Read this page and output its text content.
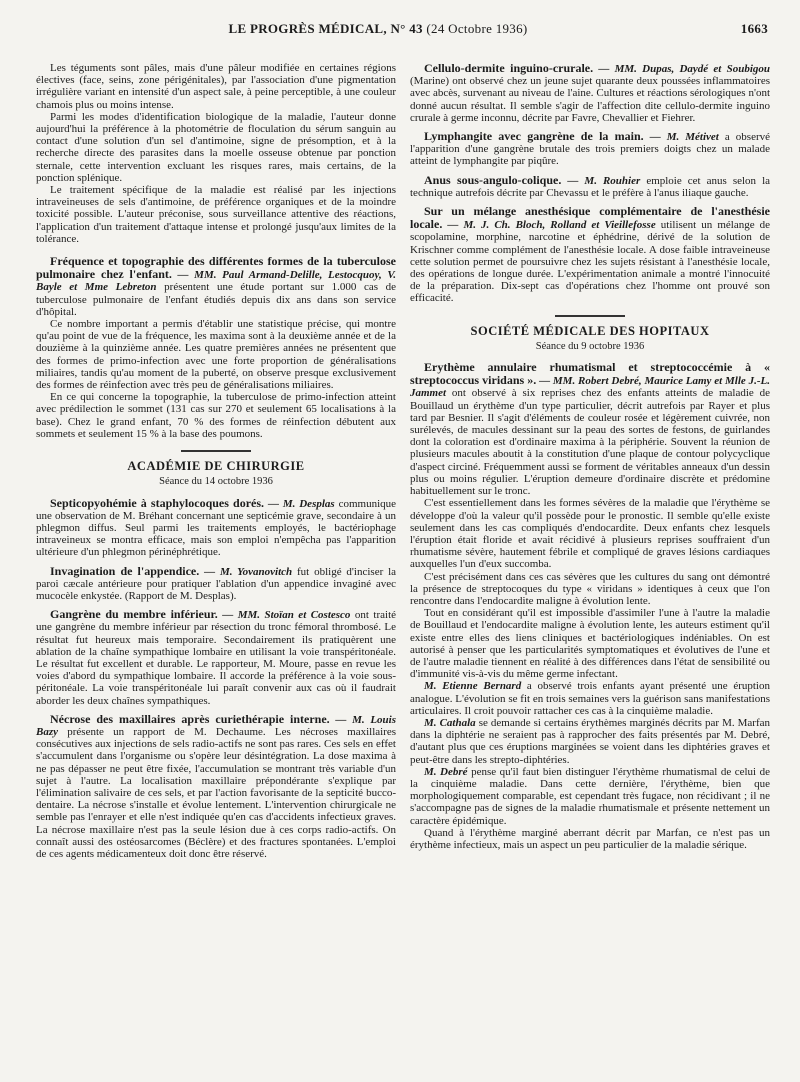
LE PROGRÈS MÉDICAL, N° 43 (24 Octobre 1936)	1663

Les téguments sont pâles, mais d'une pâleur modifiée en certaines régions électives (face, seins, zone périgénitales), par l'association d'une pigmentation irrégulière variant en intensité d'un aspect sale, à peine perceptible, à une couleur chamois plus ou moins intense.

Parmi les modes d'identification biologique de la maladie, l'auteur donne aujourd'hui la préférence à la photométrie de floculation du sérum sanguin au contact d'une solution d'un sel d'antimoine, signe de présomption, et à la recherche directe des parasites dans la moelle osseuse obtenue par ponction sternale, cette intervention excluant les risques rares, mais certains, de la ponction splénique.

Le traitement spécifique de la maladie est réalisé par les injections intraveineuses de sels d'antimoine, de préférence organiques et de la moindre toxicité possible. L'auteur préconise, sous surveillance attentive des réactions, l'application d'un traitement d'attaque intense et prolongé jusqu'aux limites de la tolérance.

Fréquence et topographie des différentes formes de la tuberculose pulmonaire chez l'enfant. — MM. Paul Armand-Delille, Lestocquoy, V. Bayle et Mme Lebreton présentent une étude portant sur 1.000 cas de tuberculose pulmonaire de l'enfant étudiés depuis dix ans dans son service d'hôpital.

Ce nombre important a permis d'établir une statistique précise, qui montre qu'au point de vue de la fréquence, les maxima sont à la deuxième année et de la douzième à la quinzième année. Les quatre premières années ne présentent que des formes de primo-infection avec une forte proportion de généralisations miliaires, tandis qu'au moment de la puberté, on observe presque exclusivement des formes de réinfection avec très peu de généralisations miliaires.

En ce qui concerne la topographie, la tuberculose de primo-infection atteint avec prédilection le sommet (131 cas sur 270 et seulement 65 localisations à la base). Chez le grand enfant, 70 % des formes de réinfection débutent aux sommets et seulement 15 % à la base des poumons.

ACADÉMIE DE CHIRURGIE

Séance du 14 octobre 1936

Septicopyohémie à staphylocoques dorés. — M. Desplas communique une observation de M. Bréhant concernant une septicémie grave, secondaire à un phlegmon diffus. Seul parmi les traitements employés, le bactériophage intraveineux se montra efficace, mais son emploi n'empêcha pas l'apparition ultérieure d'un phlegmon périnéphrétique.

Invagination de l'appendice. — M. Yovanovitch fut obligé d'inciser la paroi cæcale antérieure pour pratiquer l'ablation d'un appendice invaginé avec mucocèle enkystée. (Rapport de M. Desplas).

Gangrène du membre inférieur. — MM. Stoïan et Costesco ont traité une gangrène du membre inférieur par résection du tronc fémoral thrombosé. Le résultat fut heureux mais temporaire. Secondairement ils pratiquèrent une ablation de la chaîne sympathique lombaire en utilisant la voie transpéritonéale. Le résultat fut excellent et durable. Le rapporteur, M. Moure, passe en revue les voies d'abord du sympathique lombaire. Il accorde la préférence à la voie sous-péritonéale. La voie transpéritonéale lui paraît convenir aux cas où il faudrait aborder les deux chaînes sympathiques.

Nécrose des maxillaires après curiethérapie interne. — M. Louis Bazy présente un rapport de M. Dechaume. Les nécroses maxillaires consécutives aux injections de sels radio-actifs ne sont pas rares. Ces sels en effet s'accumulent dans l'organisme ou s'opère leur désintégration. La dose maxima à ne pas dépasser ne peut être fixée, l'accumulation se montrant très variable d'un sujet à l'autre. La localisation maxillaire prépondérante s'explique par l'élimination salivaire de ces sels, et par l'action favorisante de la septicité bucco-dentaire. La nécrose s'installe et évolue lentement. L'intervention chirurgicale ne semble pas l'enrayer et elle n'est indiquée qu'en cas d'accidents infectieux graves. La nécrose maxillaire n'est pas la seule lésion due à ces corps radio-actifs. On connaît aussi des ostéosarcomes (Béclère) et des fractures spontanées. L'emploi de ces agents médicamenteux doit donc être réservé.

Cellulo-dermite inguino-crurale. — MM. Dupas, Daydé et Soubigou (Marine) ont observé chez un jeune sujet quarante deux poussées inflammatoires avec abcès, survenant au niveau de l'aine. Cultures et réactions sérologiques n'ont donné aucun résultat. Il semble s'agir de l'affection dite cellulo-dermite inguino crurale à germe inconnu, décrite par Favre, Chevallier et Fiehrer.

Lymphangite avec gangrène de la main. — M. Métivet a observé l'apparition d'une gangrène brutale des trois premiers doigts chez un malade atteint de lymphangite par piqûre.

Anus sous-angulo-colique. — M. Rouhier emploie cet anus selon la technique autrefois décrite par Chevassu et le préfère à l'anus iliaque gauche.

Sur un mélange anesthésique complémentaire de l'anesthésie locale. — M. J. Ch. Bloch, Rolland et Vieillefosse utilisent un mélange de scopolamine, morphine, narcotine et éphédrine, dérivé de la solution de Krischner comme complément de l'anesthésie locale. A dose faible intraveineuse cette solution permet de poursuivre chez les sujets résistant à l'anesthésie locale, des opérations de longue durée. L'expérimentation animale a montré l'innocuité de la préparation. Dix-sept cas d'opérations chez l'homme ont prouvé son efficacité.

SOCIÉTÉ MÉDICALE DES HOPITAUX

Séance du 9 octobre 1936

Erythème annulaire rhumatismal et streptococcémie à « streptococcus viridans ». — MM. Robert Debré, Maurice Lamy et Mlle J.-L. Jammet ont observé à six reprises chez des enfants atteints de maladie de Bouillaud un érythème d'un type particulier, décrit autrefois par Rayer et plus tard par Besnier. Il s'agit d'éléments de couleur rosée et légèrement cuivrée, non surélevés, de macules dessinant sur la peau des sortes de festons, de guirlandes dont la coloration est d'ordinaire maxima à la périphérie. Souvent la réunion de plusieurs macules aboutit à la constitution d'une plaque de contour polycyclique d'aspect circiné. Fréquemment aussi se forment de véritables anneaux d'un dessin plus ou moins régulier. L'éruption demeure d'ordinaire discrète et prédomine habituellement sur le tronc.

C'est essentiellement dans les formes sévères de la maladie que l'érythème se développe d'où la valeur qu'il possède pour le pronostic. Il semble qu'elle existe seulement dans les cas compliqués d'endocardite. Deux enfants chez lesquels l'éruption était floride et avait récidivé à plusieurs reprises souffraient d'un rhumatisme sévère, hautement fébrile et compliqué de graves lésions cardiaques auxquelles l'un d'eux succomba.

C'est précisément dans ces cas sévères que les cultures du sang ont démontré la présence de streptocoques du type « viridans » identiques à ceux que l'on rencontre dans l'endocardite maligne à évolution lente.

Tout en considérant qu'il est impossible d'assimiler l'une à l'autre la maladie de Bouillaud et l'endocardite maligne à évolution lente, les auteurs estiment qu'il existe entre elles des liens cliniques et bactériologiques indéniables. On est autorisé à penser que les particularités symptomatiques et évolutives de l'une et de l'autre maladie tiennent en réalité à des différences dans l'état de sensibilité ou d'immunité vis-à-vis du même germe infectant.

M. Etienne Bernard a observé trois enfants ayant présenté une éruption analogue. L'évolution se fit en trois semaines vers la guérison sans manifestations articulaires. Il croit pouvoir rattacher ces cas à la cinquième maladie.

M. Cathala se demande si certains érythèmes marginés décrits par M. Marfan dans la diphtérie ne seraient pas à rapprocher des faits présentés par M. Debré, d'autant plus que ces éruptions marginées se voient dans les diphtéries graves et peut-être dans les strepto-diphtéries.

M. Debré pense qu'il faut bien distinguer l'érythème rhumatismal de celui de la cinquième maladie. Dans cette dernière, l'érythème, bien que morphologiquement comparable, est cependant très fugace, non récidivant ; il ne s'accompagne pas de signes de la maladie rhumatismale et présente nettement un caractère épidémique.

Quand à l'érythème marginé aberrant décrit par Marfan, ce n'est pas un érythème infectieux, mais un aspect un peu particulier de la maladie sérique.
